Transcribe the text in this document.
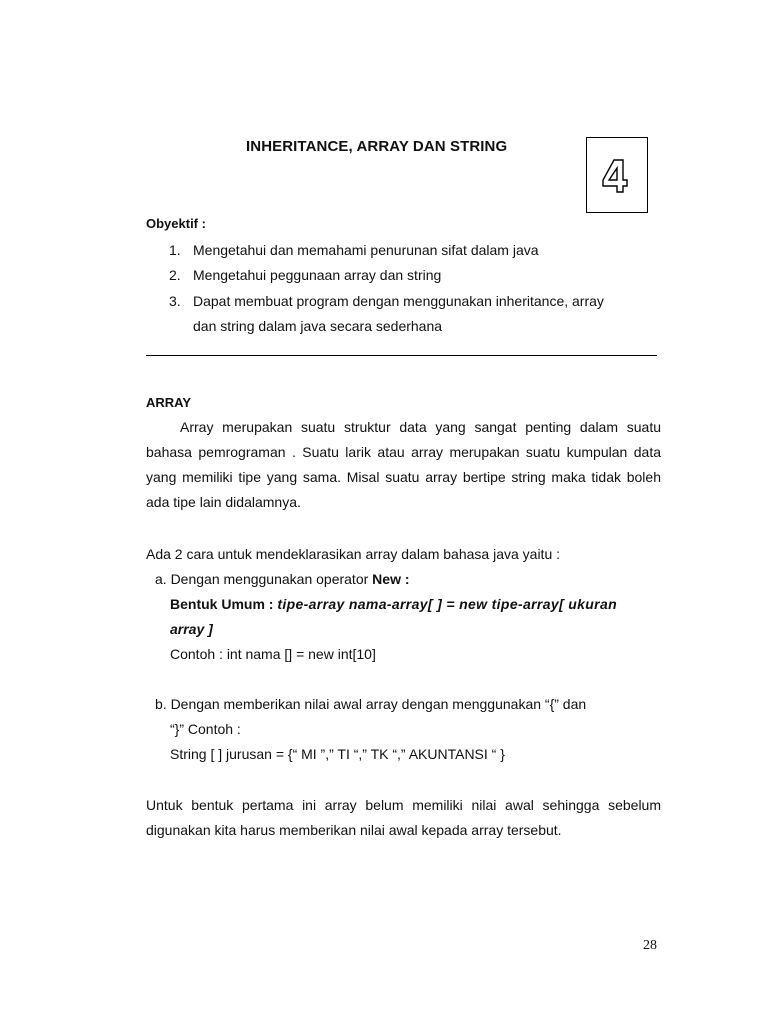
INHERITANCE, ARRAY DAN STRING
Obyektif :
1. Mengetahui dan memahami penurunan sifat dalam java
2. Mengetahui peggunaan array dan string
3. Dapat membuat program dengan menggunakan inheritance, array
dan string dalam java secara sederhana
ARRAY
Array merupakan suatu struktur data yang sangat penting dalam suatu bahasa pemrograman . Suatu larik atau array merupakan suatu kumpulan data yang memiliki tipe yang sama. Misal suatu array bertipe string maka tidak boleh ada tipe lain didalamnya.
Ada 2 cara untuk mendeklarasikan array dalam bahasa java yaitu :
a. Dengan menggunakan operator New :
Bentuk Umum : tipe-array nama-array[ ] = new tipe-array[ ukuran
array ]
Contoh : int nama [] = new int[10]
b. Dengan memberikan nilai awal array dengan menggunakan “{” dan
“}” Contoh :
String [ ] jurusan = {“ MI ”,” TI “,” TK “,” AKUNTANSI “ }
Untuk bentuk pertama ini array belum memiliki nilai awal sehingga sebelum digunakan kita harus memberikan nilai awal kepada array tersebut.
28
